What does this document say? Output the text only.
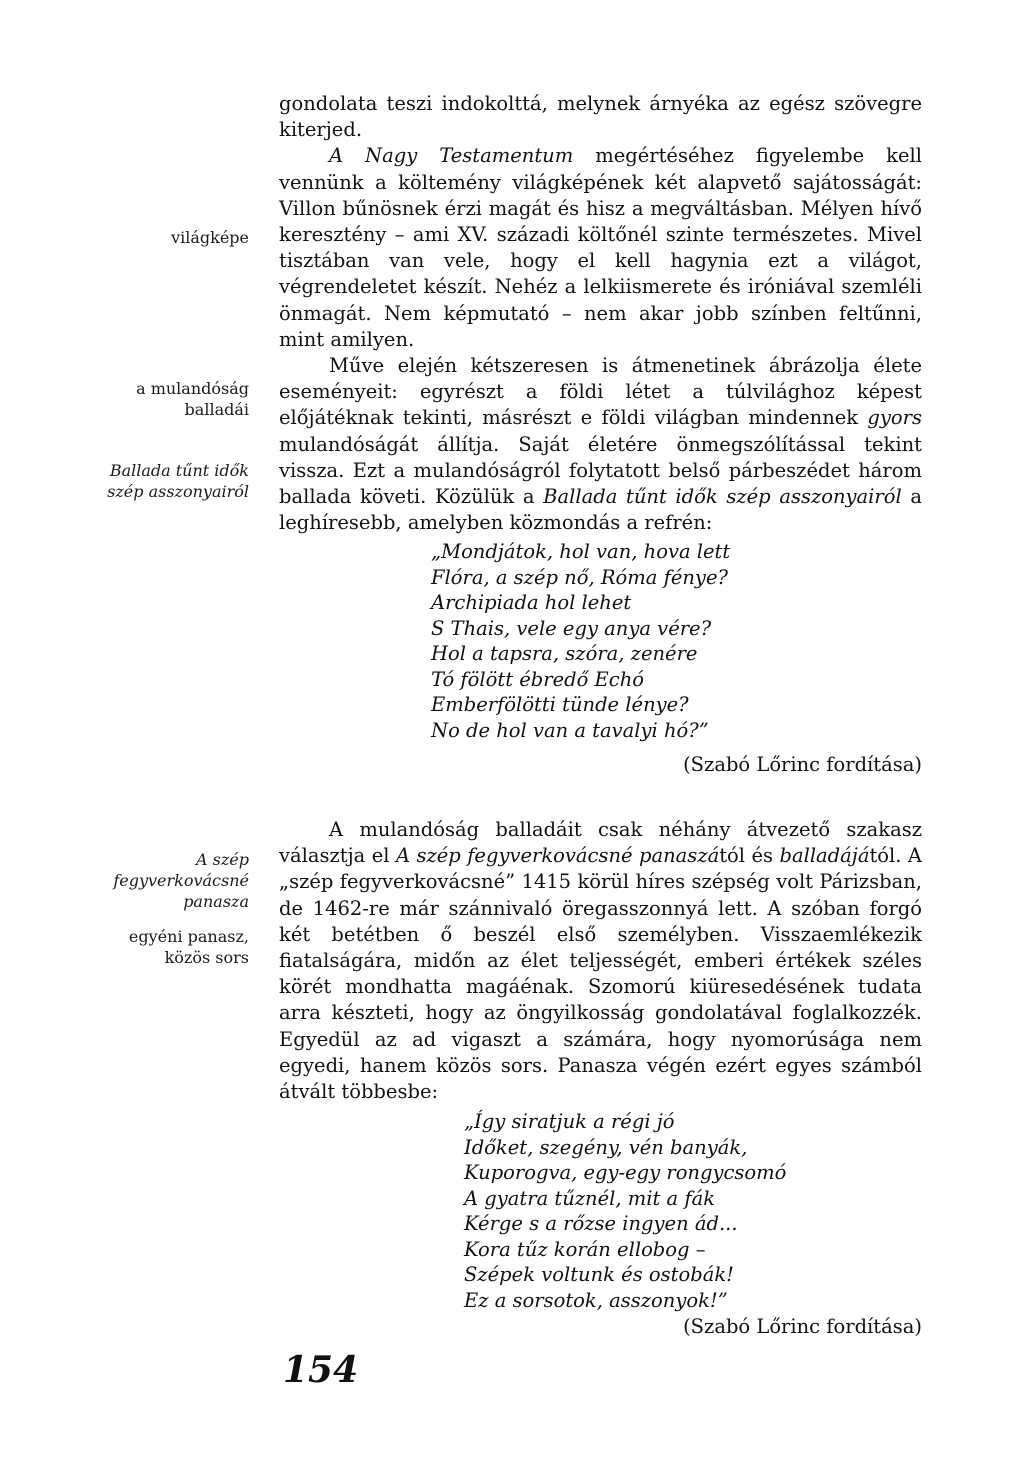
világképe
a mulandóság
balladái
Ballada tűnt idők
szép asszonyairól
A szép
fegyverkovácsné
panasza
egyéni panasz,
közös sors

gondolata teszi indokolttá, melynek árnyéka az egész szövegre kiterjed.

A Nagy Testamentum megértéséhez figyelembe kell vennünk a költemény világképének két alapvető sajátosságát: Villon bűnösnek érzi magát és hisz a megváltásban. Mélyen hívő keresztény – ami XV. századi költőnél szinte természetes. Mivel tisztában van vele, hogy el kell hagynia ezt a világot, végrendeletet készít. Nehéz a lelkiismerete és iróniával szemléli önmagát. Nem képmutató – nem akar jobb színben feltűnni, mint amilyen.

Műve elején kétszeresen is átmenetinek ábrázolja élete eseményeit: egyrészt a földi létet a túlvilághoz képest előjátéknak tekinti, másrészt e földi világban mindennek gyors mulandóságát állítja. Saját életére önmegszólítással tekint vissza. Ezt a mulandóságról folytatott belső párbeszédet három ballada követi. Közülük a Ballada tűnt idők szép asszonyairól a leghíresebb, amelyben közmondás a refrén:

„Mondjátok, hol van, hova lett
Flóra, a szép nő, Róma fénye?
Archipiada hol lehet
S Thais, vele egy anya vére?
Hol a tapsra, szóra, zenére
Tó fölött ébredő Echó
Emberfölötti tünde lénye?
No de hol van a tavalyi hó?”
(Szabó Lőrinc fordítása)

A mulandóság balladáit csak néhány átvezető szakasz választja el A szép fegyverkovácsné panaszától és balladájától. A „szép fegyverkovácsné” 1415 körül híres szépség volt Párizsban, de 1462-re már szánnivaló öregasszonnyá lett. A szóban forgó két betétben ő beszél első személyben. Visszaemlékezik fiatalságára, midőn az élet teljességét, emberi értékek széles körét mondhatta magáénak. Szomorú kiüresedésének tudata arra készteti, hogy az öngyilkosság gondolatával foglalkozzék. Egyedül az ad vigaszt a számára, hogy nyomorúsága nem egyedi, hanem közös sors. Panasza végén ezért egyes számból átvált többesbe:

„Így siratjuk a régi jó
Időket, szegény, vén banyák,
Kuporogva, egy-egy rongycsomó
A gyatra tűznél, mit a fák
Kérge s a rőzse ingyen ád...
Kora tűz korán ellobog –
Szépek voltunk és ostobák!
Ez a sorsotok, asszonyok!”
(Szabó Lőrinc fordítása)
154
